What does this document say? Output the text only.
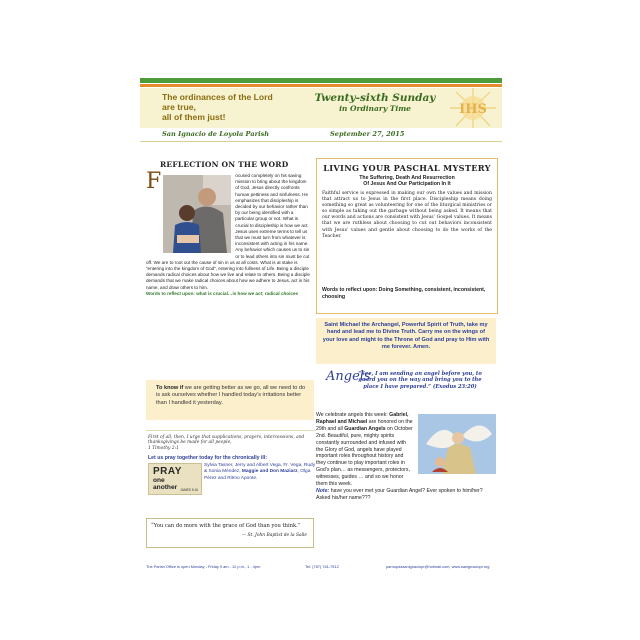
The ordinances of the Lord
are true,
all of them just!
Twenty-sixth Sunday
in Ordinary Time	IHS
San Ignacio de Loyola Parish	September 27, 2015
REFLECTION ON THE WORD
F	ocused completely on his saving mission to bring about the kingdom of God, Jesus directly confronts human pettiness and sinfulness. He emphasizes that discipleship is decided by our behavior rather than by our being identified with a particular group or not. What is crucial to discipleship is how we act. Jesus uses extreme terms to tell us that we must turn from whatever is inconsistent with acting in his name. Any behavior which causes us to sin or to lead others into sin must be cut off. We are to root out the cause of sin in us at all costs. What is at stake is “entering into the kingdom of God”, entering into fullness of Life. Being a disciple demands radical choices about how we live and relate to others. Being a disciple demands that we make radical choices about how we adhere to Jesus, act in his name, and draw others to him.
Words to reflect upon: what is crucial…is how we act; radical choices
To know if we are getting better as we go, all we need to do is ask ourselves whether I handled today’s irritations better than I handled it yesterday.
First of all, then, I urge that supplications, prayers, intercessions, and thanksgivings be made for all people,
1 Timothy 2:1
Let us pray together today for the chronically ill:
PRAY
one
another JAMES 5:16
Sylvia Tasner, Jerry and Albert Vega, Fr. Vega, Rudy & Sonia Méndez, Maggie and Don Maziarz, Olga Pérez and Ritmo Aponte.
“You can do more with the grace of God than you think.”
— St. John Baptist de la Salle
LIVING YOUR PASCHAL MYSTERY
The Suffering, Death And Resurrection
Of Jesus And Our Participation In It
Faithful service is expressed in making our own the values and mission that attract us to Jesus in the first place. Discipleship means doing something so great as volunteering for one of the liturgical ministries or so simple as taking out the garbage without being asked. It means that our words and actions are consistent with Jesus’ Gospel values. It means that we are ruthless about choosing to cut out behaviors inconsistent with Jesus’ values and gentle about choosing to do the works of the Teacher.
Words to reflect upon: Doing Something, consistent, inconsistent, choosing
Saint Michael the Archangel, Powerful Spirit of Truth, take my hand and lead me to Divine Truth. Carry me on the wings of your love and might to the Throne of God and pray to Him with me forever. Amen.
Angels
“See, I am sending an angel before you, to guard you on the way and bring you to the place I have prepared.” (Exodus 23:20)
We celebrate angels this week: Gabriel, Raphael and Michael are honored on the 29th and all Guardian Angels on October 2nd. Beautiful, pure, mighty spirits constantly surrounded and infused with the Glory of God, angels have played important roles throughout history and they continue to play important roles in God’s plan… as messengers, protectors, witnesses, guides … and so we honor them this week.
Note: have you ever met your Guardian Angel? Ever spoken to him/her? Asked his/her name???
The Parish Office is open Monday - Friday 9 am - 12 p.m., 1 - 4pm	Tel: (787) 761-7512	parroquiasanignaciopr@hotmail.com; www.sanignaciopr.org
